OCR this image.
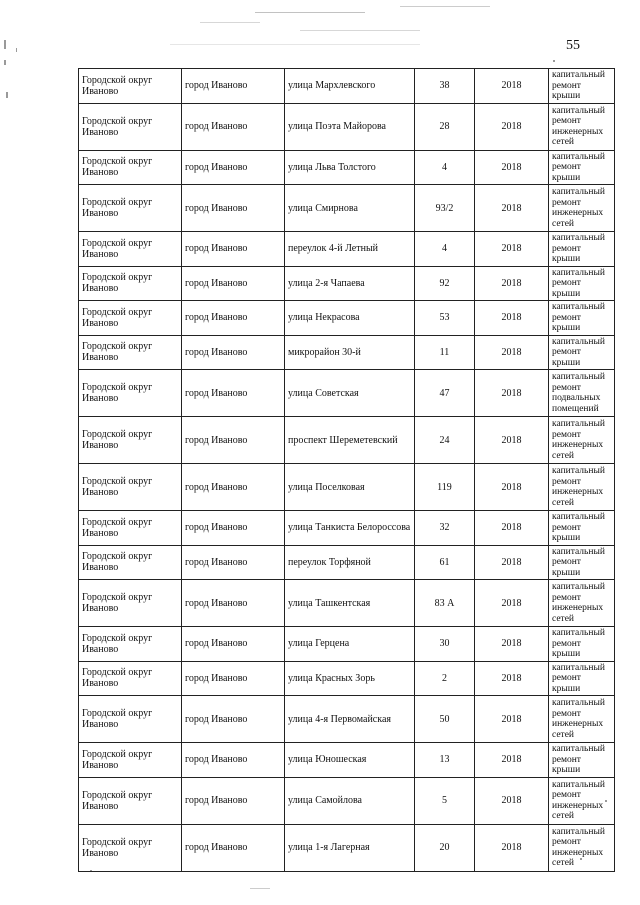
55
Городской округ Иваново	город Иваново	улица Мархлевского	38	2018	капитальный ремонт крыши
Городской округ Иваново	город Иваново	улица Поэта Майорова	28	2018	капитальный ремонт инженерных сетей
Городской округ Иваново	город Иваново	улица Льва Толстого	4	2018	капитальный ремонт крыши
Городской округ Иваново	город Иваново	улица Смирнова	93/2	2018	капитальный ремонт инженерных сетей
Городской округ Иваново	город Иваново	переулок 4-й Летный	4	2018	капитальный ремонт крыши
Городской округ Иваново	город Иваново	улица 2-я Чапаева	92	2018	капитальный ремонт крыши
Городской округ Иваново	город Иваново	улица Некрасова	53	2018	капитальный ремонт крыши
Городской округ Иваново	город Иваново	микрорайон 30-й	11	2018	капитальный ремонт крыши
Городской округ Иваново	город Иваново	улица Советская	47	2018	капитальный ремонт подвальных помещений
Городской округ Иваново	город Иваново	проспект Шереметевский	24	2018	капитальный ремонт инженерных сетей
Городской округ Иваново	город Иваново	улица Поселковая	119	2018	капитальный ремонт инженерных сетей
Городской округ Иваново	город Иваново	улица Танкиста Белороссова	32	2018	капитальный ремонт крыши
Городской округ Иваново	город Иваново	переулок Торфяной	61	2018	капитальный ремонт крыши
Городской округ Иваново	город Иваново	улица Ташкентская	83 А	2018	капитальный ремонт инженерных сетей
Городской округ Иваново	город Иваново	улица Герцена	30	2018	капитальный ремонт крыши
Городской округ Иваново	город Иваново	улица Красных Зорь	2	2018	капитальный ремонт крыши
Городской округ Иваново	город Иваново	улица 4-я Первомайская	50	2018	капитальный ремонт инженерных сетей
Городской округ Иваново	город Иваново	улица Юношеская	13	2018	капитальный ремонт крыши
Городской округ Иваново	город Иваново	улица Самойлова	5	2018	капитальный ремонт инженерных сетей
Городской округ Иваново	город Иваново	улица 1-я Лагерная	20	2018	капитальный ремонт инженерных сетей
